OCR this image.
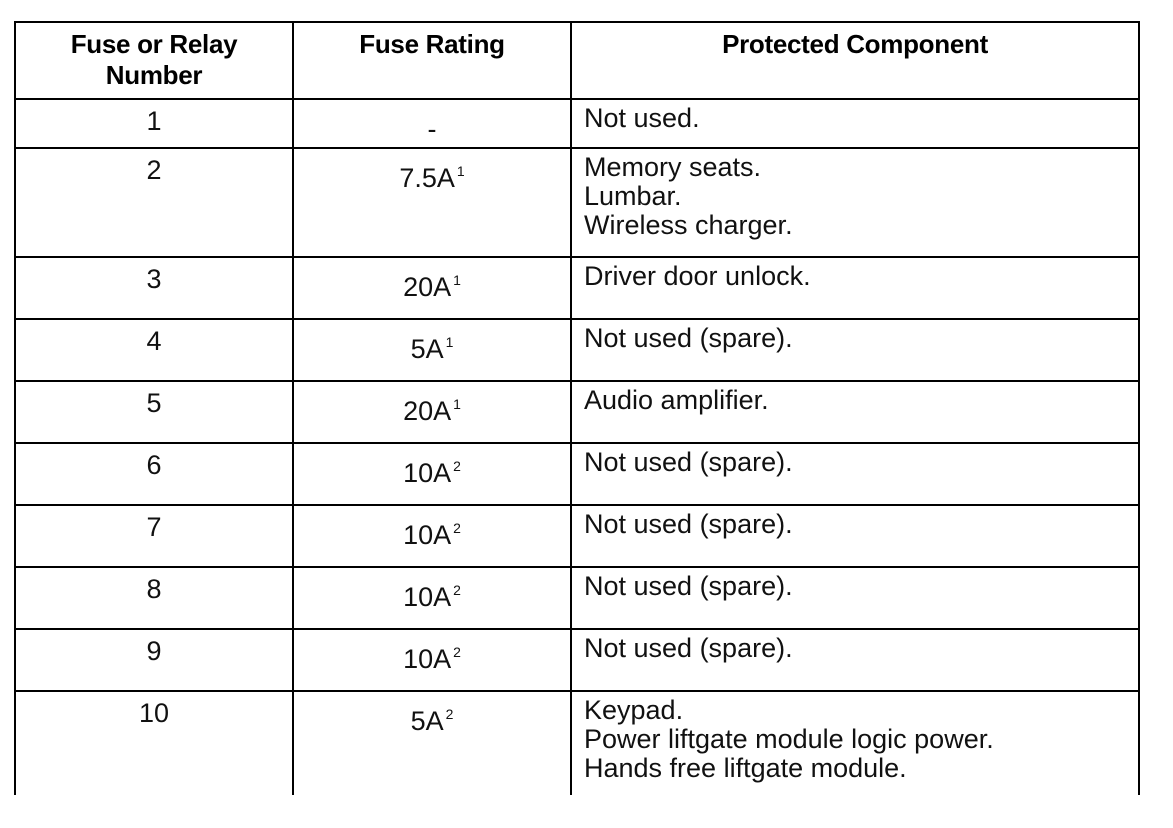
Fuse or Relay Number	Fuse Rating	Protected Component
1	-	Not used.

2	7.5A $^1$	Memory seats.
Lumbar.
Wireless charger.

3	20A $^1$	Driver door unlock.

4	5A $^1$	Not used (spare).

5	20A $^1$	Audio amplifier.

6	10A $^2$	Not used (spare).

7	10A $^2$	Not used (spare).

8	10A $^2$	Not used (spare).

9	10A $^2$	Not used (spare).

10	5A $^2$	Keypad.
Power liftgate module logic power.
Hands free liftgate module.
